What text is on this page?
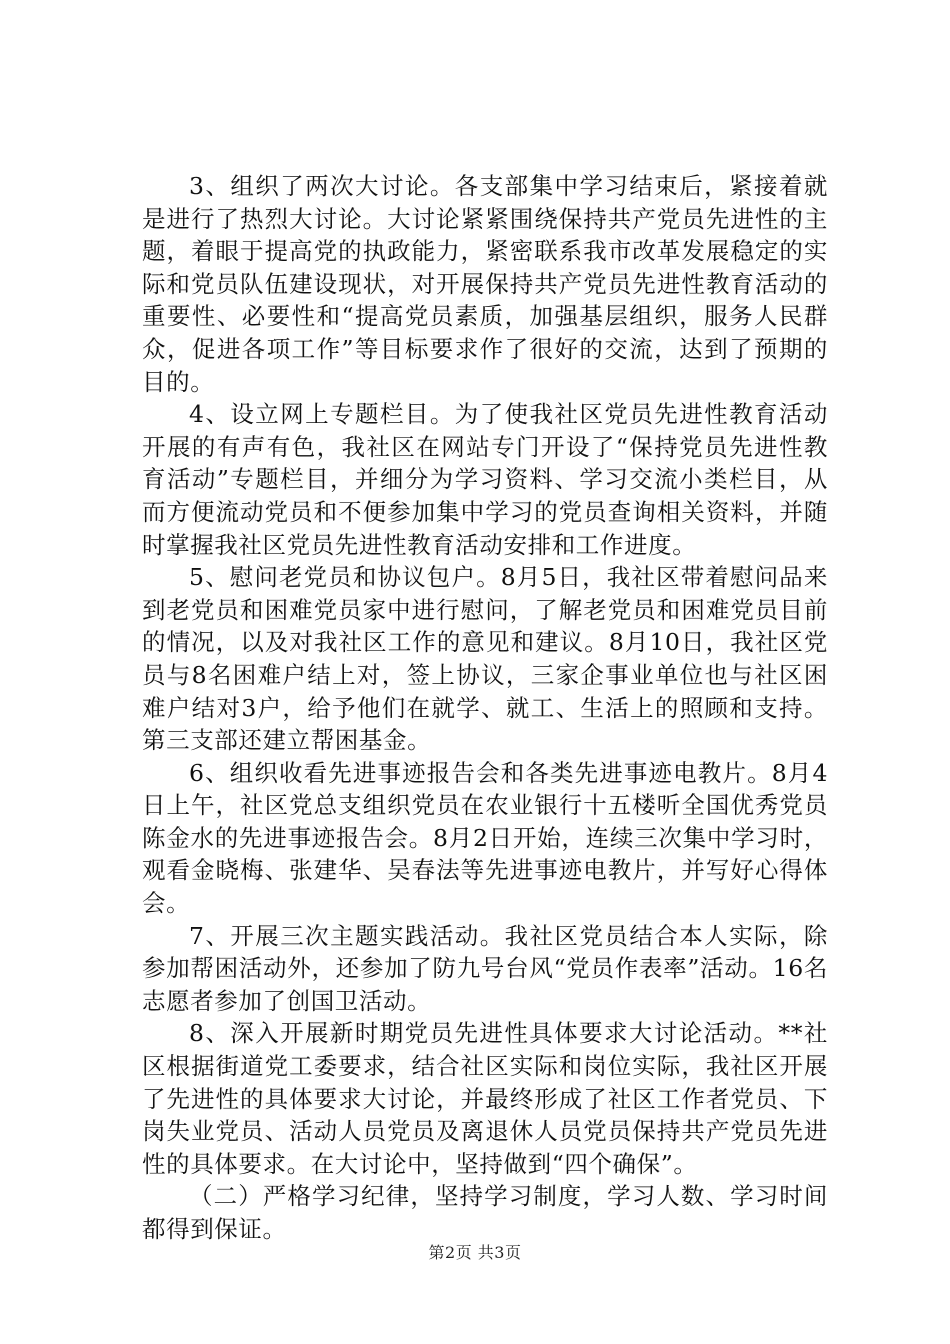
3、组织了两次大讨论。各支部集中学习结束后，紧接着就是进行了热烈大讨论。大讨论紧紧围绕保持共产党员先进性的主题，着眼于提高党的执政能力，紧密联系我市改革发展稳定的实际和党员队伍建设现状，对开展保持共产党员先进性教育活动的重要性、必要性和“提高党员素质，加强基层组织，服务人民群众，促进各项工作”等目标要求作了很好的交流，达到了预期的目的。

4、设立网上专题栏目。为了使我社区党员先进性教育活动开展的有声有色，我社区在网站专门开设了“保持党员先进性教育活动”专题栏目，并细分为学习资料、学习交流小类栏目，从而方便流动党员和不便参加集中学习的党员查询相关资料，并随时掌握我社区党员先进性教育活动安排和工作进度。

5、慰问老党员和协议包户。8月5日，我社区带着慰问品来到老党员和困难党员家中进行慰问，了解老党员和困难党员目前的情况，以及对我社区工作的意见和建议。8月10日，我社区党员与8名困难户结上对，签上协议，三家企事业单位也与社区困难户结对3户，给予他们在就学、就工、生活上的照顾和支持。第三支部还建立帮困基金。

6、组织收看先进事迹报告会和各类先进事迹电教片。8月4日上午，社区党总支组织党员在农业银行十五楼听全国优秀党员陈金水的先进事迹报告会。8月2日开始，连续三次集中学习时，观看金晓梅、张建华、吴春法等先进事迹电教片，并写好心得体会。

7、开展三次主题实践活动。我社区党员结合本人实际，除参加帮困活动外，还参加了防九号台风“党员作表率”活动。16名志愿者参加了创国卫活动。

8、深入开展新时期党员先进性具体要求大讨论活动。**社区根据街道党工委要求，结合社区实际和岗位实际，我社区开展了先进性的具体要求大讨论，并最终形成了社区工作者党员、下岗失业党员、活动人员党员及离退休人员党员保持共产党员先进性的具体要求。在大讨论中，坚持做到“四个确保”。

（二）严格学习纪律，坚持学习制度，学习人数、学习时间都得到保证。

第2页 共3页
